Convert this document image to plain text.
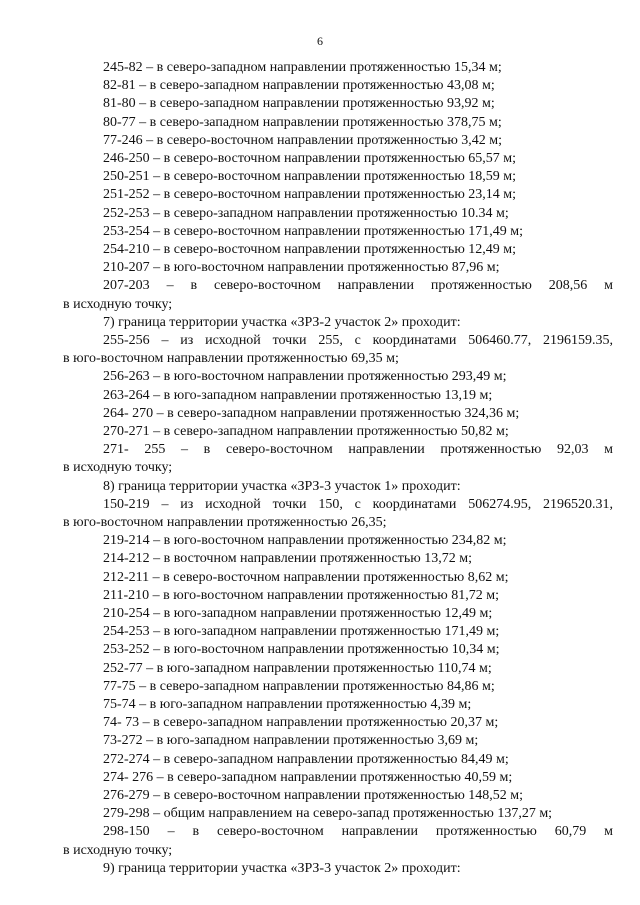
6
245-82 – в северо-западном направлении протяженностью 15,34 м;
82-81 – в северо-западном направлении протяженностью 43,08 м;
81-80 – в северо-западном направлении протяженностью 93,92 м;
80-77 – в северо-западном направлении протяженностью 378,75 м;
77-246 – в северо-восточном направлении протяженностью 3,42 м;
246-250 – в северо-восточном направлении протяженностью 65,57 м;
250-251 – в северо-восточном направлении протяженностью 18,59 м;
251-252 – в северо-восточном направлении протяженностью 23,14 м;
252-253 – в северо-западном направлении протяженностью 10.34 м;
253-254 – в северо-восточном направлении протяженностью 171,49 м;
254-210 – в северо-восточном направлении протяженностью 12,49 м;
210-207 – в юго-восточном направлении протяженностью 87,96 м;
207-203 – в северо-восточном направлении протяженностью 208,56 м
в исходную точку;
7) граница территории участка «ЗРЗ-2 участок 2» проходит:
255-256 – из исходной точки 255, с координатами 506460.77, 2196159.35,
в юго-восточном направлении протяженностью 69,35 м;
256-263 – в юго-восточном направлении протяженностью 293,49 м;
263-264 – в юго-западном направлении протяженностью 13,19 м;
264- 270 – в северо-западном направлении протяженностью 324,36 м;
270-271 – в северо-западном направлении протяженностью 50,82 м;
271- 255 – в северо-восточном направлении протяженностью 92,03 м
в исходную точку;
8) граница территории участка «ЗРЗ-3 участок 1» проходит:
150-219 – из исходной точки 150, с координатами 506274.95, 2196520.31,
в юго-восточном направлении протяженностью 26,35;
219-214 – в юго-восточном направлении протяженностью 234,82 м;
214-212 – в восточном направлении протяженностью 13,72 м;
212-211 – в северо-восточном направлении протяженностью 8,62 м;
211-210 – в юго-восточном направлении протяженностью 81,72 м;
210-254 – в юго-западном направлении протяженностью 12,49 м;
254-253 – в юго-западном направлении протяженностью 171,49 м;
253-252 – в юго-восточном направлении протяженностью 10,34 м;
252-77 – в юго-западном направлении протяженностью 110,74 м;
77-75 – в северо-западном направлении протяженностью 84,86 м;
75-74 – в юго-западном направлении протяженностью 4,39 м;
74- 73 – в северо-западном направлении протяженностью 20,37 м;
73-272 – в юго-западном направлении протяженностью 3,69 м;
272-274 – в северо-западном направлении протяженностью 84,49 м;
274- 276 – в северо-западном направлении протяженностью 40,59 м;
276-279 – в северо-восточном направлении протяженностью 148,52 м;
279-298 – общим направлением на северо-запад протяженностью 137,27 м;
298-150 – в северо-восточном направлении протяженностью 60,79 м
в исходную точку;
9) граница территории участка «ЗРЗ-3 участок 2» проходит:
